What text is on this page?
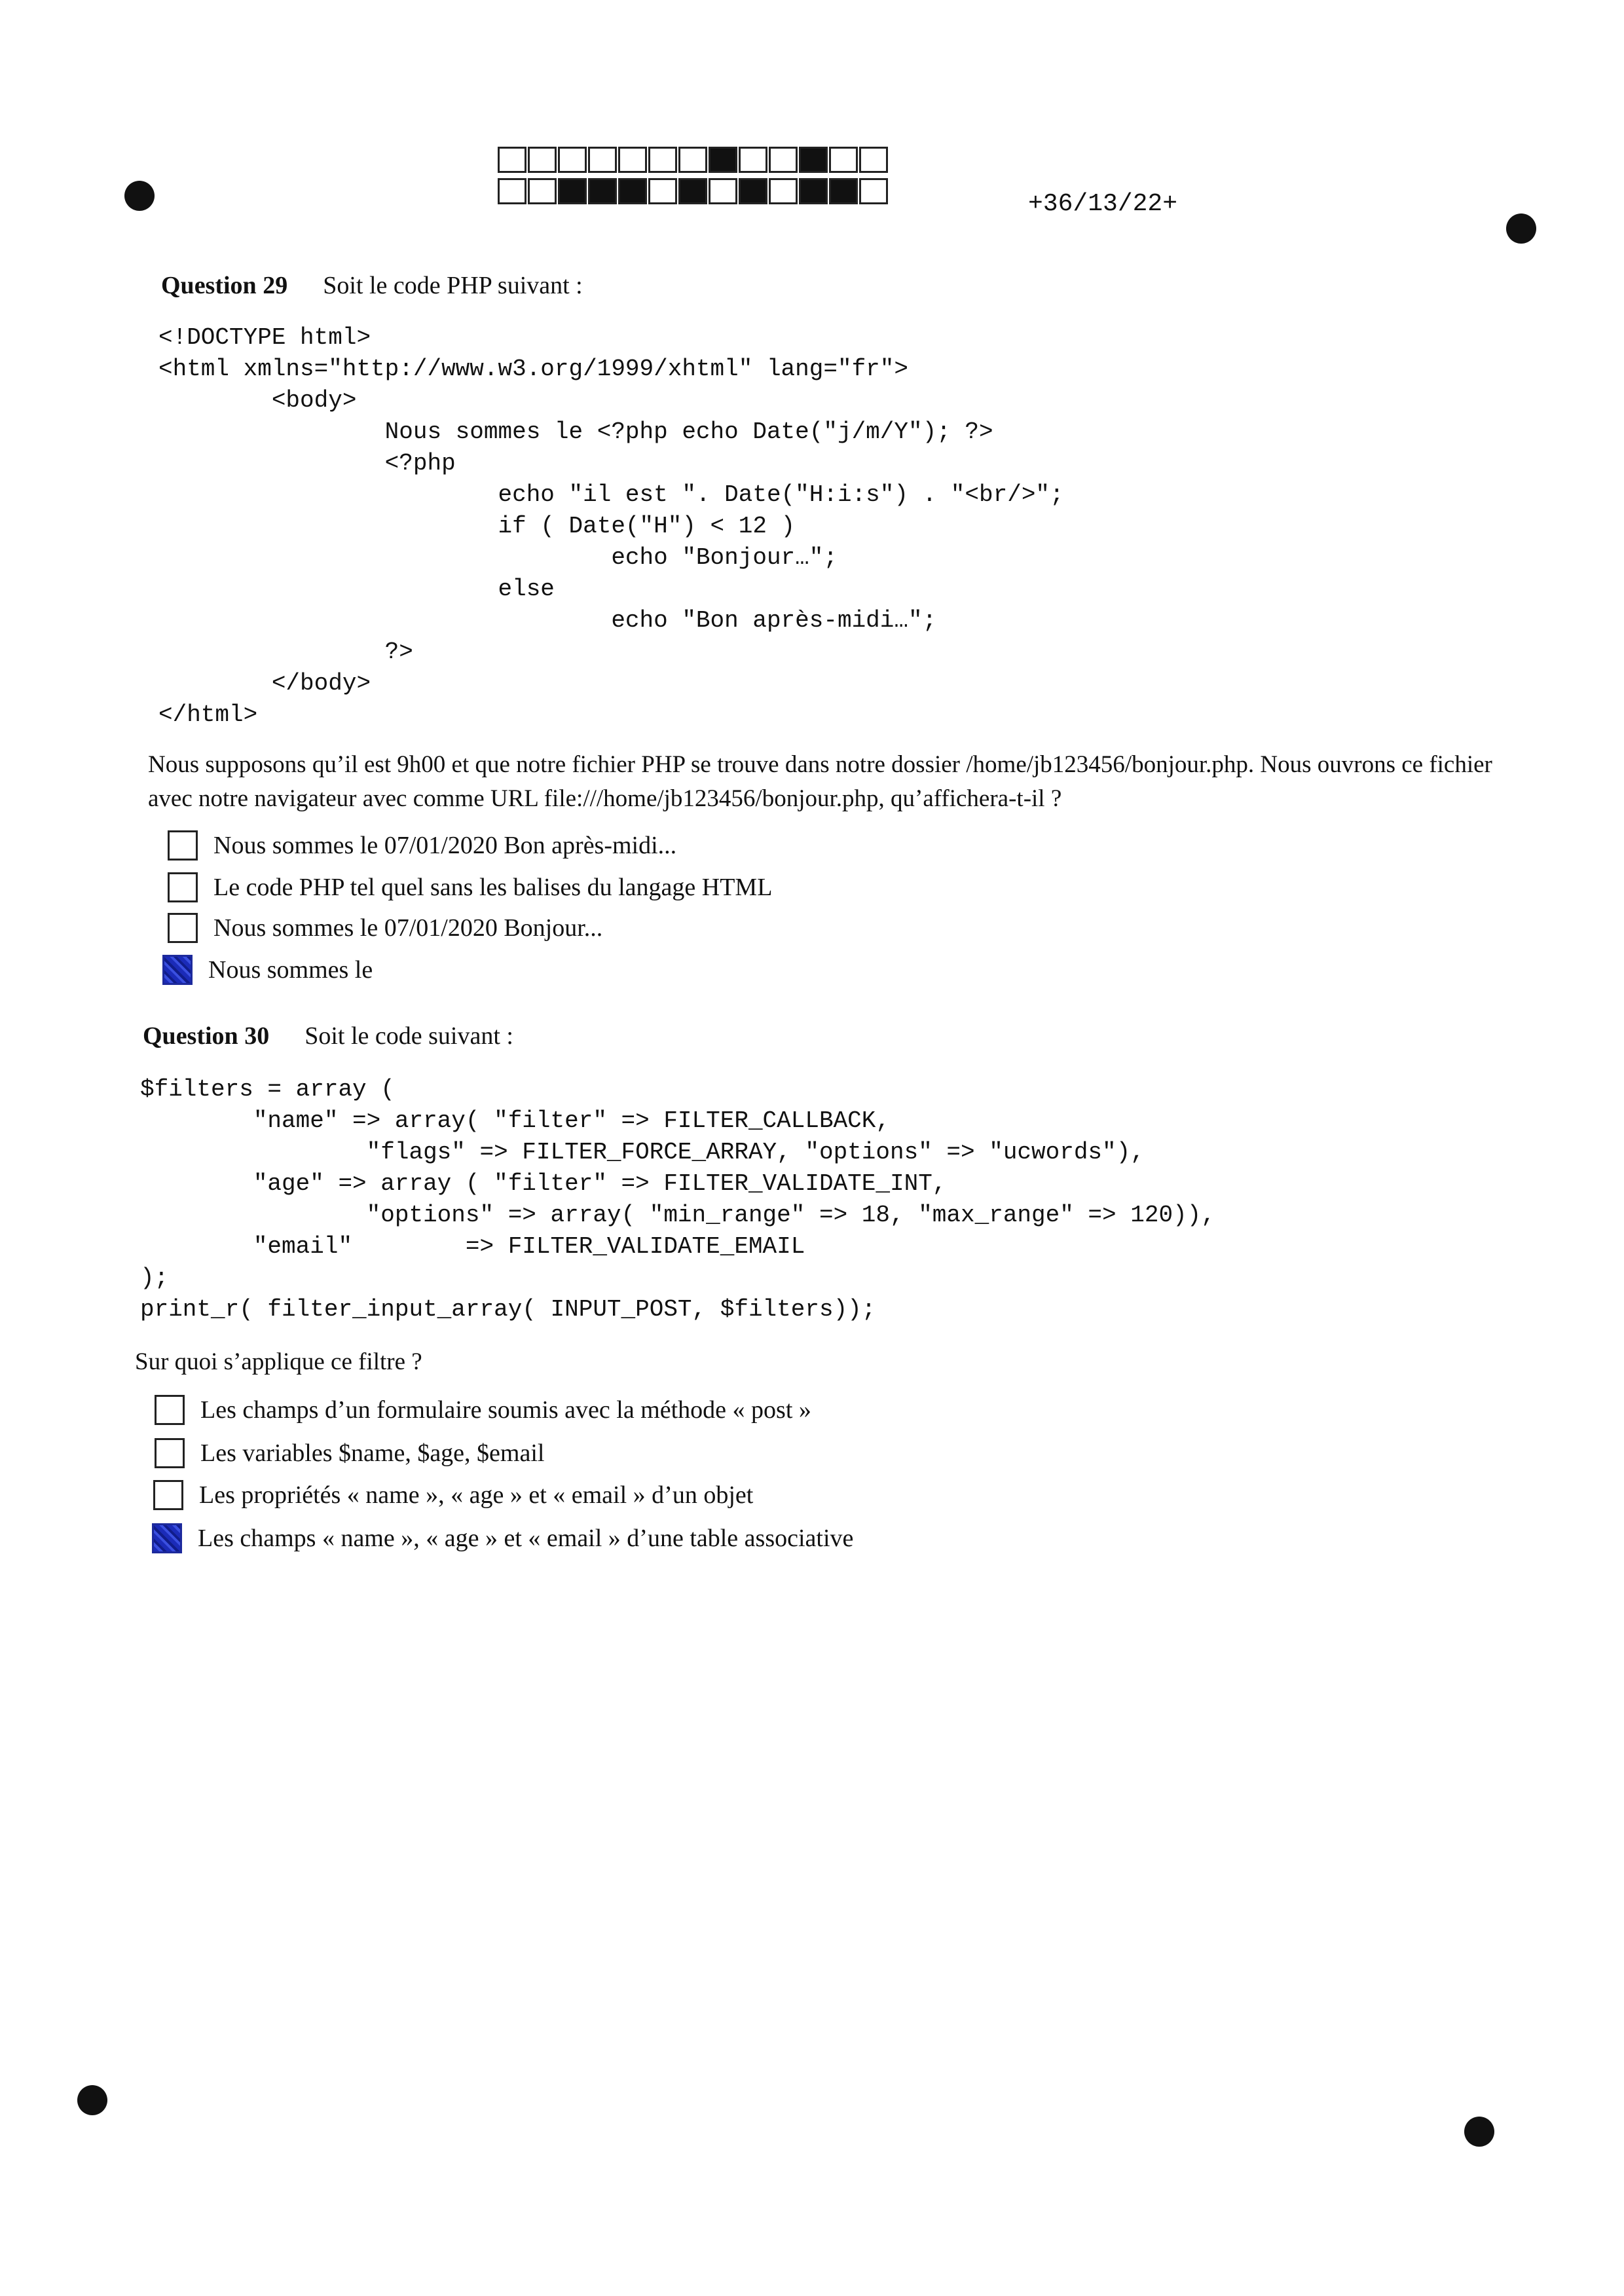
+36/13/22+
Question 29 Soit le code PHP suivant :
<!DOCTYPE html>
<html xmlns="http://www.w3.org/1999/xhtml" lang="fr">
<body>
Nous sommes le <?php echo Date("j/m/Y"); ?>
<?php
echo "il est ". Date("H:i:s") . "<br/>";
if ( Date("H") < 12 )
echo "Bonjour…";
else
echo "Bon après-midi…";
?>
</body>
</html>
Nous supposons qu’il est 9h00 et que notre fichier PHP se trouve dans notre dossier /home/jb123456/bonjour.php. Nous ouvrons ce fichier avec notre navigateur avec comme URL file:///home/jb123456/bonjour.php, qu’affichera-t-il ?
Nous sommes le 07/01/2020 Bon après-midi...
Le code PHP tel quel sans les balises du langage HTML
Nous sommes le 07/01/2020 Bonjour...
Nous sommes le
Question 30 Soit le code suivant :
$filters = array (
"name" => array( "filter" => FILTER_CALLBACK,
"flags" => FILTER_FORCE_ARRAY, "options" => "ucwords"),
"age" => array ( "filter" => FILTER_VALIDATE_INT,
"options" => array( "min_range" => 18, "max_range" => 120)),
"email"        => FILTER_VALIDATE_EMAIL
);
print_r( filter_input_array( INPUT_POST, $filters));
Sur quoi s’applique ce filtre ?
Les champs d’un formulaire soumis avec la méthode « post »
Les variables $name, $age, $email
Les propriétés « name », « age » et « email » d’un objet
Les champs « name », « age » et « email » d’une table associative
